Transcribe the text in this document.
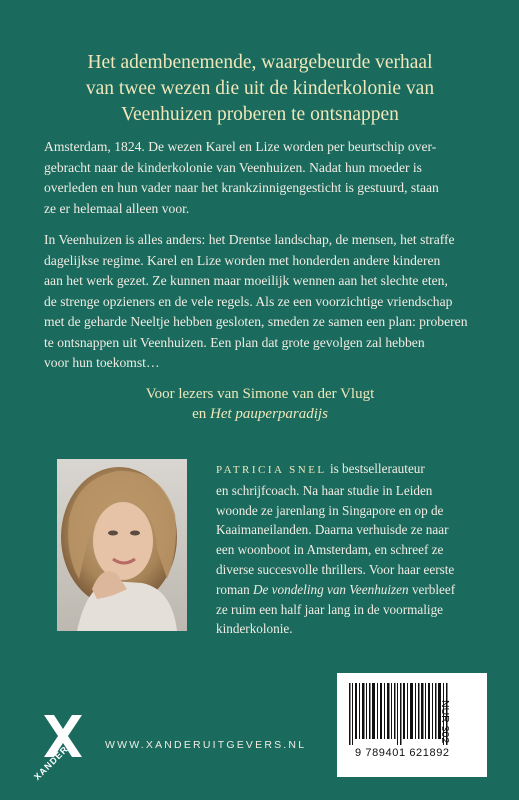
Het adembenemende, waargebeurde verhaal
van twee wezen die uit de kinderkolonie van
Veenhuizen proberen te ontsnappen
Amsterdam, 1824. De wezen Karel en Lize worden per beurtschip over-
gebracht naar de kinderkolonie van Veenhuizen. Nadat hun moeder is
overleden en hun vader naar het krankzinnigengesticht is gestuurd, staan
ze er helemaal alleen voor.
In Veenhuizen is alles anders: het Drentse landschap, de mensen, het straffe
dagelijkse regime. Karel en Lize worden met honderden andere kinderen
aan het werk gezet. Ze kunnen maar moeilijk wennen aan het slechte eten,
de strenge opzieners en de vele regels. Als ze een voorzichtige vriendschap
met de geharde Neeltje hebben gesloten, smeden ze samen een plan: proberen
te ontsnappen uit Veenhuizen. Een plan dat grote gevolgen zal hebben
voor hun toekomst…
Voor lezers van Simone van der Vlugt
en Het pauperparadijs
PATRICIA SNEL is bestsellerauteur
en schrijfcoach. Na haar studie in Leiden
woonde ze jarenlang in Singapore en op de
Kaaimaneilanden. Daarna verhuisde ze naar
een woonboot in Amsterdam, en schreef ze
diverse succesvolle thrillers. Voor haar eerste
roman De vondeling van Veenhuizen verbleef
ze ruim een half jaar lang in de voormalige
kinderkolonie.
XANDER	WWW.XANDERUITGEVERS.NL
9 789401 621892
NUR 302
